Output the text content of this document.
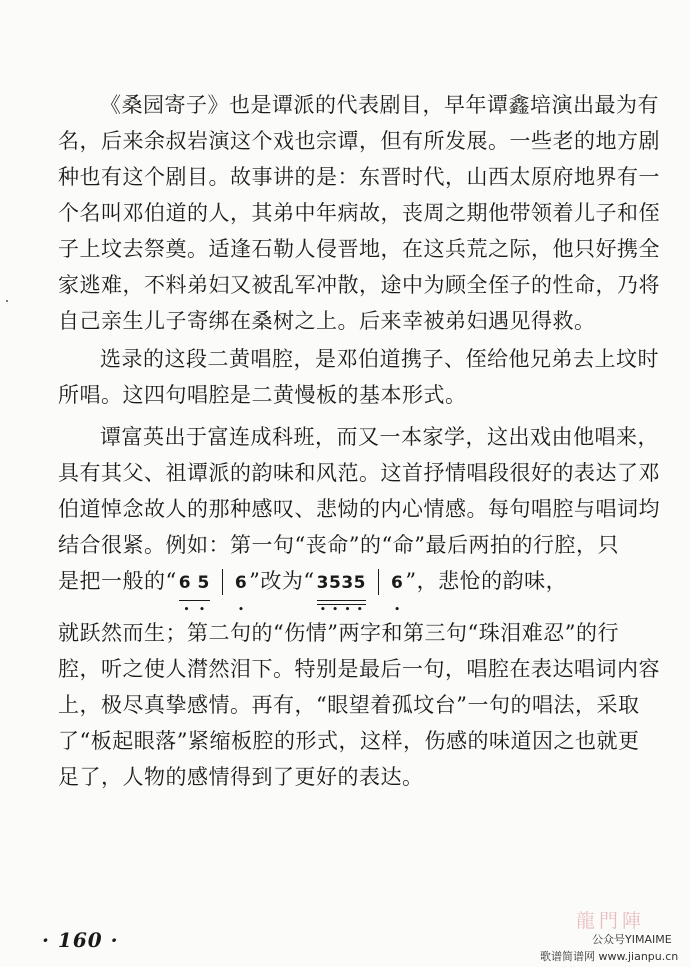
《桑园寄子》也是谭派的代表剧目，早年谭鑫培演出最为有
名，后来余叔岩演这个戏也宗谭，但有所发展。一些老的地方剧
种也有这个剧目。故事讲的是：东晋时代，山西太原府地界有一
个名叫邓伯道的人，其弟中年病故，丧周之期他带领着儿子和侄
子上坟去祭奠。适逢石勒人侵晋地，在这兵荒之际，他只好携全
家逃难，不料弟妇又被乱军冲散，途中为顾全侄子的性命，乃将
自己亲生儿子寄绑在桑树之上。后来幸被弟妇遇见得救。
选录的这段二黄唱腔，是邓伯道携子、侄给他兄弟去上坟时
所唱。这四句唱腔是二黄慢板的基本形式。
谭富英出于富连成科班，而又一本家学，这出戏由他唱来，
具有其父、祖谭派的韵味和风范。这首抒情唱段很好的表达了邓
伯道悼念故人的那种感叹、悲恸的内心情感。每句唱腔与唱词均
结合很紧。例如：第一句“丧命”的“命”最后两拍的行腔，只
是把一般的“ 6 5
• •
6
•
”改为“ 3535
• • • •
6
•
”，悲怆的韵味，
就跃然而生；第二句的“伤情”两字和第三句“珠泪难忍”的行
腔，听之使人潸然泪下。特别是最后一句，唱腔在表达唱词内容
上，极尽真挚感情。再有，“眼望着孤坟台”一句的唱法，采取
了“板起眼落”紧缩板腔的形式，这样，伤感的味道因之也就更
足了，人物的感情得到了更好的表达。
· 160 ·
龍門陣
公众号YIMAIME
歌谱简谱网 www.jianpu.cn
